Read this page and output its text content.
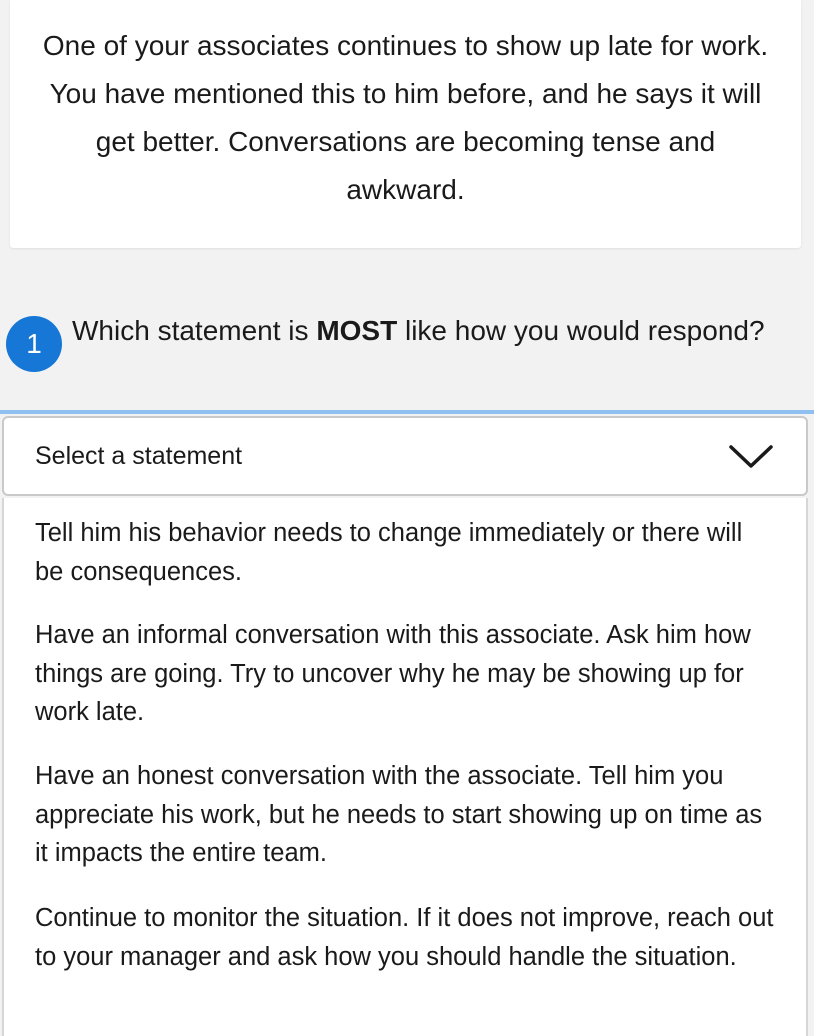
One of your associates continues to show up late for work. You have mentioned this to him before, and he says it will get better. Conversations are becoming tense and awkward.

1	Which statement is MOST like how you would respond?
Select a statement
Tell him his behavior needs to change immediately or there will be consequences.
Have an informal conversation with this associate. Ask him how things are going. Try to uncover why he may be showing up for work late.
Have an honest conversation with the associate. Tell him you appreciate his work, but he needs to start showing up on time as it impacts the entire team.
Continue to monitor the situation. If it does not improve, reach out to your manager and ask how you should handle the situation.
